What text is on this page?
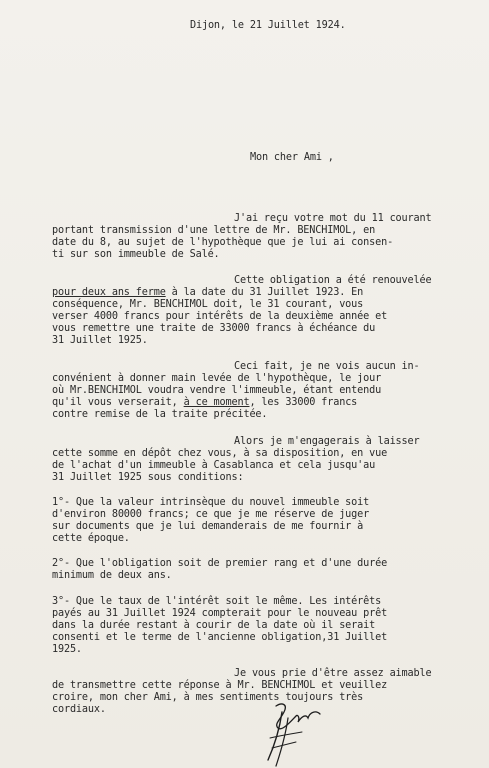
Dijon, le 21 Juillet 1924.
Mon cher Ami ,
J'ai reçu votre mot du 11 courant
portant transmission d'une lettre de Mr. BENCHIMOL, en
date du 8, au sujet de l'hypothèque que je lui ai consen-
ti sur son immeuble de Salé.
Cette obligation a été renouvelée
pour deux ans ferme à la date du 31 Juillet 1923. En
conséquence, Mr. BENCHIMOL doit, le 31 courant, vous
verser 4000 francs pour intérêts de la deuxième année et
vous remettre une traite de 33000 francs à échéance du
31 Juillet 1925.
Ceci fait, je ne vois aucun in-
convénient à donner main levée de l'hypothèque, le jour
où Mr.BENCHIMOL voudra vendre l'immeuble, étant entendu
qu'il vous verserait, à ce moment, les 33000 francs
contre remise de la traite précitée.
Alors je m'engagerais à laisser
cette somme en dépôt chez vous, à sa disposition, en vue
de l'achat d'un immeuble à Casablanca et cela jusqu'au
31 Juillet 1925 sous conditions:
1°- Que la valeur intrinsèque du nouvel immeuble soit
d'environ 80000 francs; ce que je me réserve de juger
sur documents que je lui demanderais de me fournir à
cette époque.
2°- Que l'obligation soit de premier rang et d'une durée
minimum de deux ans.
3°- Que le taux de l'intérêt soit le même. Les intérêts
payés au 31 Juillet 1924 compterait pour le nouveau prêt
dans la durée restant à courir de la date où il serait
consenti et le terme de l'ancienne obligation,31 Juillet
1925.
Je vous prie d'être assez aimable
de transmettre cette réponse à Mr. BENCHIMOL et veuillez
croire, mon cher Ami, à mes sentiments toujours très
cordiaux.
